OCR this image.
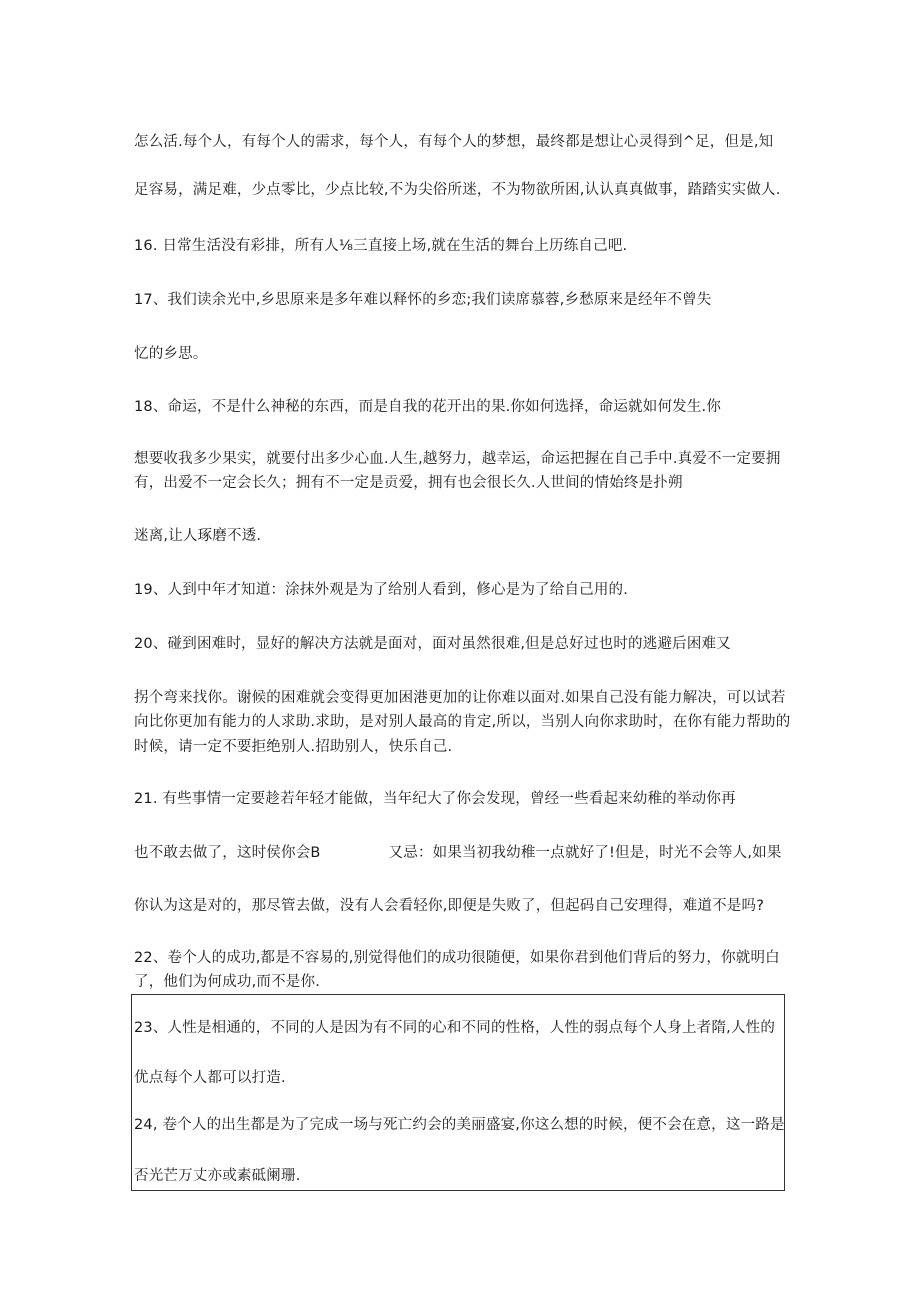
怎么活.每个人，有每个人的需求，每个人，有每个人的梦想，最终都是想让心灵得到^足，但是,知
足容易，满足难，少点零比，少点比较,不为尖俗所迷，不为物欲所困,认认真真做事，踏踏实实做人.
16. 日常生活没有彩排，所有人⅛三直接上场,就在生活的舞台上历练自己吧.
17、我们读余光中,乡思原来是多年难以释怀的乡恋;我们读席慕蓉,乡愁原来是经年不曾失
忆的乡思。
18、命运，不是什么神秘的东西，而是自我的花开出的果.你如何选择，命运就如何发生.你
想要收我多少果实，就要付出多少心血.人生,越努力，越幸运，命运把握在自己手中.真爱不一定要拥
有，出爱不一定会长久；拥有不一定是贡爱，拥有也会很长久.人世间的情始终是扑朔
迷离,让人琢磨不透.
19、人到中年才知道：涂抹外观是为了给别人看到，修心是为了给自己用的.
20、碰到困难时，显好的解决方法就是面对，面对虽然很难,但是总好过也时的逃避后困难又
拐个弯来找你。谢候的困难就会变得更加困港更加的让你难以面对.如果自己没有能力解决，可以试若
向比你更加有能力的人求助.求助，是对别人最高的肯定,所以，当别人向你求助时，在你有能力帮助的
时候，请一定不要拒绝别人.招助别人，快乐自己.
21. 有些事情一定要趁若年轻才能做，当年纪大了你会发现，曾经一些看起来幼稚的举动你再
也不敢去做了，这时侯你会B	又忌：如果当初我幼稚一点就好了!但是，时光不会等人,如果
你认为这是对的，那尽管去做，没有人会看轻你,即便是失败了，但起码自己安理得，难道不是吗?
22、卷个人的成功,都是不容易的,别觉得他们的成功很随便，如果你君到他们背后的努力，你就明白
了，他们为何成功,而不是你.
23、人性是相通的，不同的人是因为有不同的心和不同的性格，人性的弱点每个人身上者隋,人性的
优点每个人都可以打造.
24, 卷个人的出生都是为了完成一场与死亡约会的美丽盛宴,你这么想的时候，便不会在意，这一路是
否光芒万丈亦或素砥阑珊.
